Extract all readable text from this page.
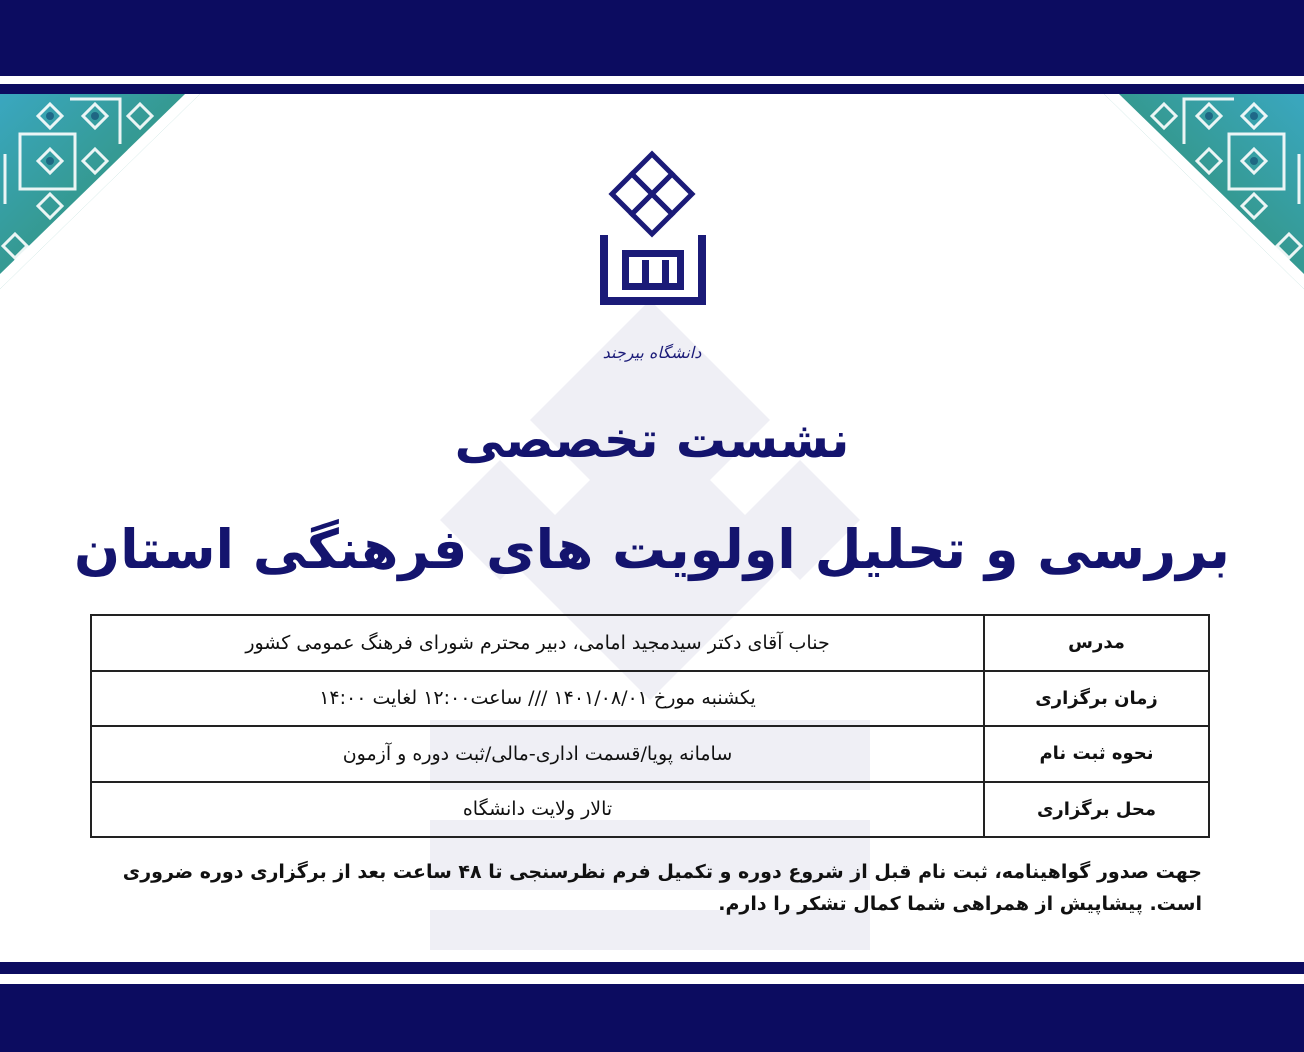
دانشگاه بیرجند
نشست تخصصی
بررسی و تحلیل اولویت های فرهنگی استان
مدرس	جناب آقای دکتر سیدمجید امامی، دبیر محترم شورای فرهنگ عمومی کشور
زمان برگزاری	یکشنبه مورخ ۱۴۰۱/۰۸/۰۱ /// ساعت۱۲:۰۰ لغایت ۱۴:۰۰
نحوه ثبت نام	سامانه پویا/قسمت اداری-مالی/ثبت دوره و آزمون
محل برگزاری	تالار ولایت دانشگاه

جهت صدور گواهینامه، ثبت نام قبل از شروع دوره و تکمیل فرم نظرسنجی تا ۴۸ ساعت بعد از برگزاری دوره ضروری است. پیشاپیش از همراهی شما کمال تشکر را دارم.
